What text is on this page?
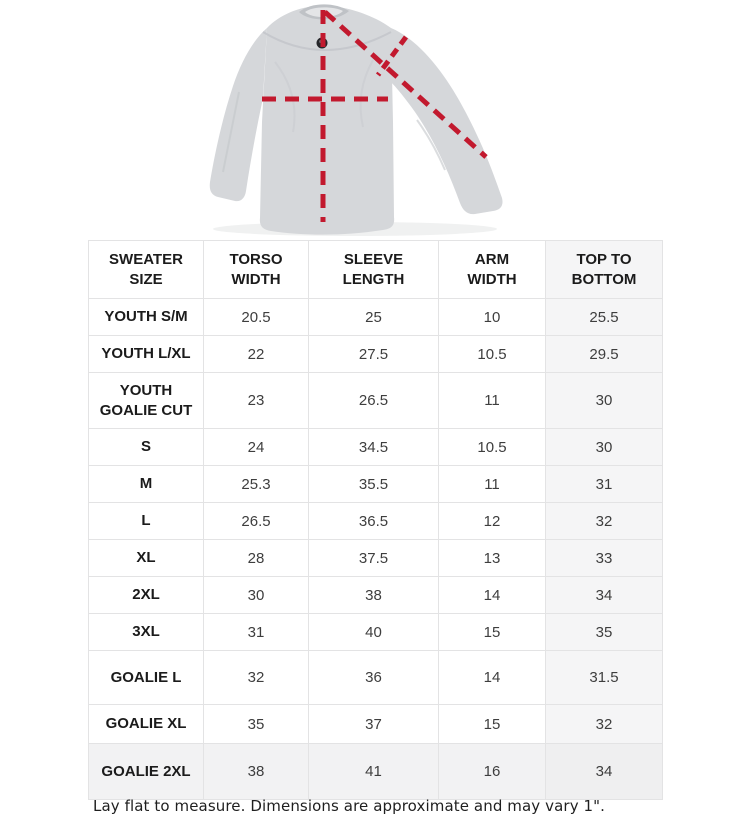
SWEATER SIZE	TORSO WIDTH	SLEEVE LENGTH	ARM WIDTH	TOP TO BOTTOM
YOUTH S/M	20.5	25	10	25.5
YOUTH L/XL	22	27.5	10.5	29.5
YOUTH GOALIE CUT	23	26.5	11	30
S	24	34.5	10.5	30
M	25.3	35.5	11	31
L	26.5	36.5	12	32
XL	28	37.5	13	33
2XL	30	38	14	34
3XL	31	40	15	35
GOALIE L	32	36	14	31.5
GOALIE XL	35	37	15	32
GOALIE 2XL	38	41	16	34

Lay flat to measure. Dimensions are approximate and may vary 1".
